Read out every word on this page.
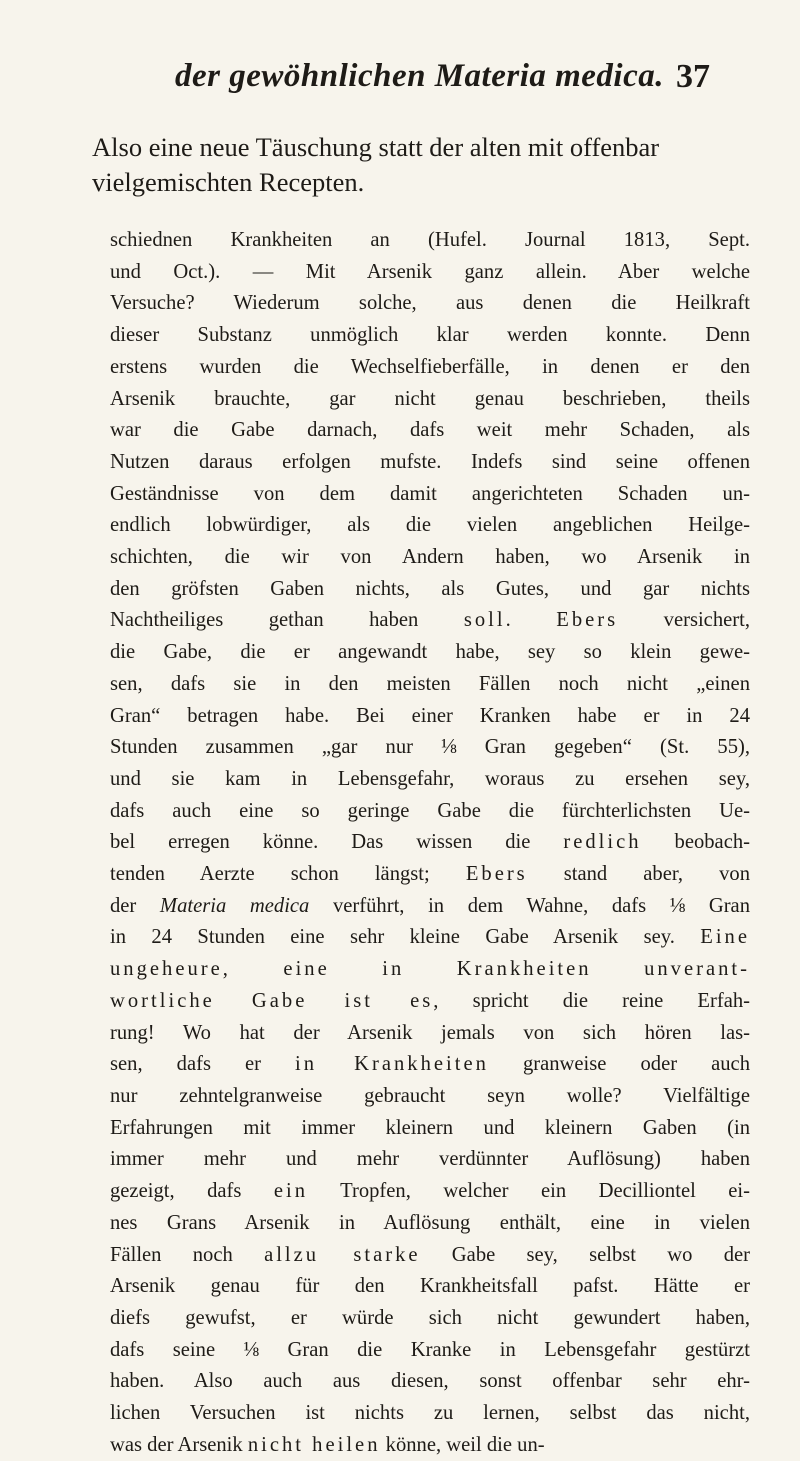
der gewöhnlichen Materia medica. 37
Also eine neue Täuschung statt der alten mit offenbar
vielgemischten Recepten.
schiednen Krankheiten an (Hufel. Journal 1813, Sept.
und Oct.). — Mit Arsenik ganz allein. Aber welche
Versuche? Wiederum solche, aus denen die Heilkraft
dieser Substanz unmöglich klar werden konnte. Denn
erstens wurden die Wechselfieberfälle, in denen er den
Arsenik brauchte, gar nicht genau beschrieben, theils
war die Gabe darnach, dafs weit mehr Schaden, als
Nutzen daraus erfolgen mufste. Indefs sind seine offenen
Geständnisse von dem damit angerichteten Schaden un-
endlich lobwürdiger, als die vielen angeblichen Heilge-
schichten, die wir von Andern haben, wo Arsenik in
den gröfsten Gaben nichts, als Gutes, und gar nichts
Nachtheiliges gethan haben soll. Ebers versichert,
die Gabe, die er angewandt habe, sey so klein gewe-
sen, dafs sie in den meisten Fällen noch nicht „einen
Gran“ betragen habe. Bei einer Kranken habe er in 24
Stunden zusammen „gar nur ⅛ Gran gegeben“ (St. 55),
und sie kam in Lebensgefahr, woraus zu ersehen sey,
dafs auch eine so geringe Gabe die fürchterlichsten Ue-
bel erregen könne. Das wissen die redlich beobach-
tenden Aerzte schon längst; Ebers stand aber, von
der Materia medica verführt, in dem Wahne, dafs ⅛ Gran
in 24 Stunden eine sehr kleine Gabe Arsenik sey. Eine
ungeheure, eine in Krankheiten unverant-
wortliche Gabe ist es, spricht die reine Erfah-
rung! Wo hat der Arsenik jemals von sich hören las-
sen, dafs er in Krankheiten granweise oder auch
nur zehntelgranweise gebraucht seyn wolle? Vielfältige
Erfahrungen mit immer kleinern und kleinern Gaben (in
immer mehr und mehr verdünnter Auflösung) haben
gezeigt, dafs ein Tropfen, welcher ein Decilliontel ei-
nes Grans Arsenik in Auflösung enthält, eine in vielen
Fällen noch allzu starke Gabe sey, selbst wo der
Arsenik genau für den Krankheitsfall pafst. Hätte er
diefs gewufst, er würde sich nicht gewundert haben,
dafs seine ⅛ Gran die Kranke in Lebensgefahr gestürzt
haben. Also auch aus diesen, sonst offenbar sehr ehr-
lichen Versuchen ist nichts zu lernen, selbst das nicht,
was der Arsenik nicht heilen könne, weil die un-
